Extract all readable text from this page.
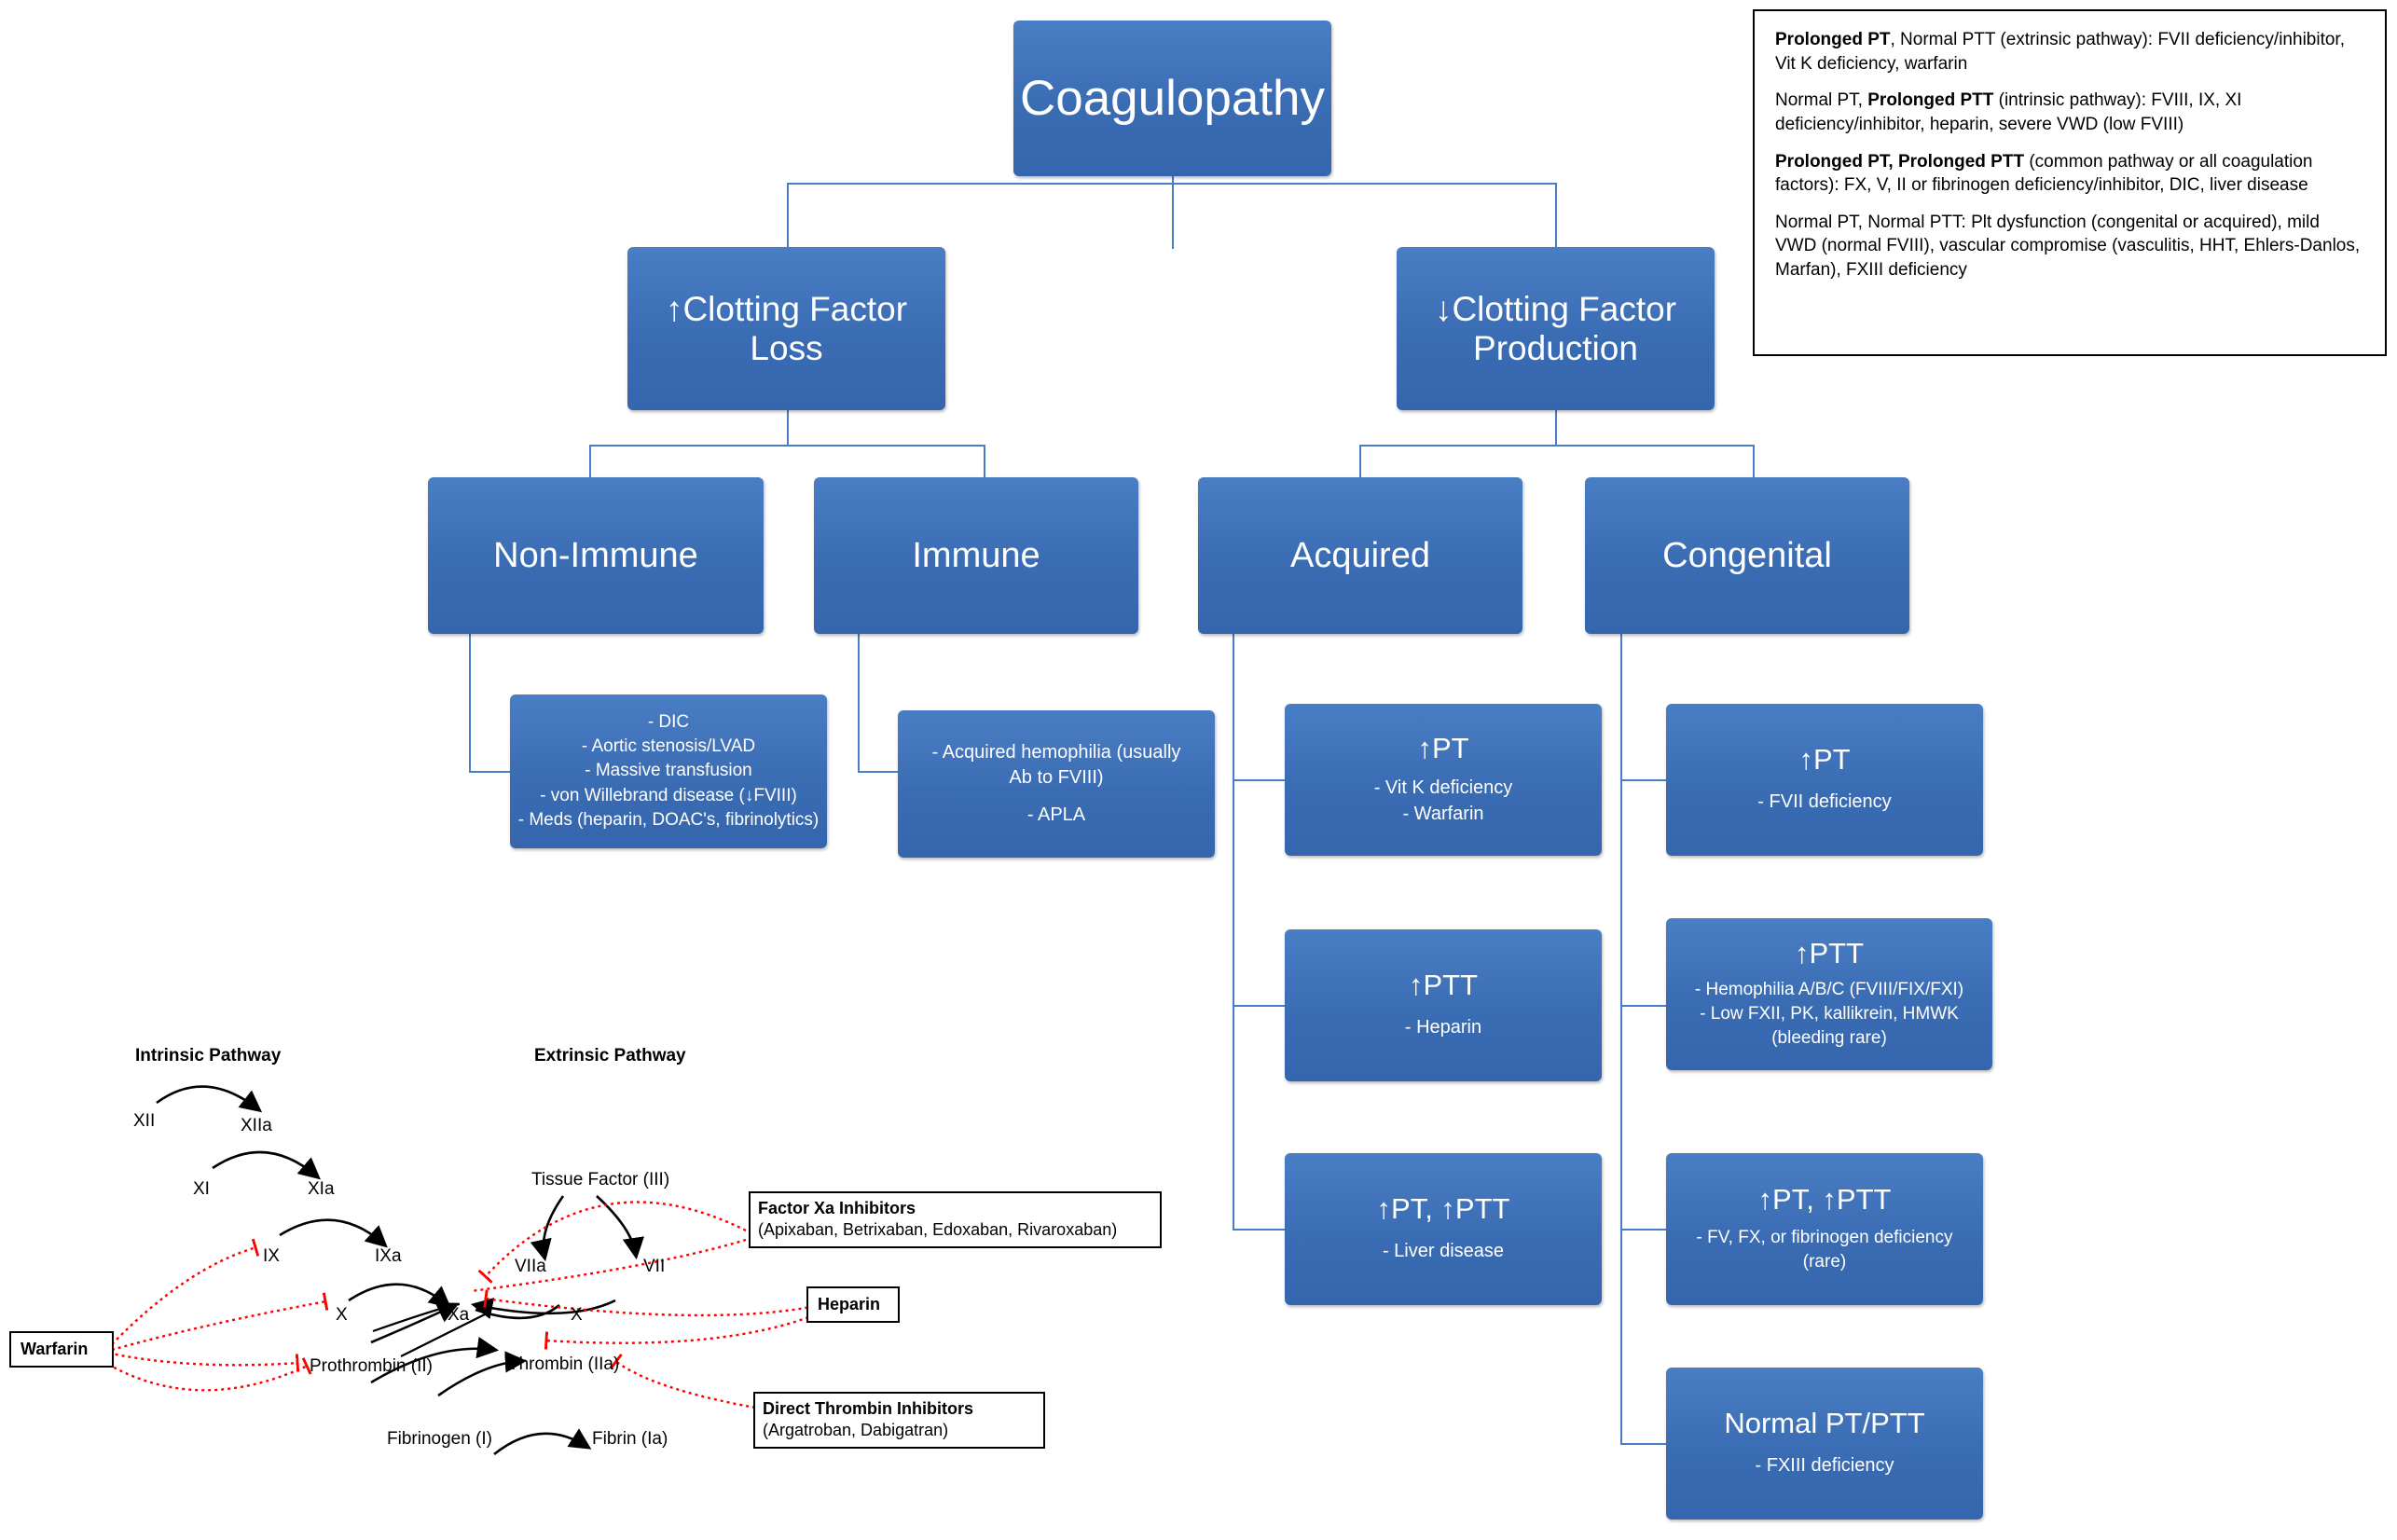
Coagulopathy
↑Clotting Factor Loss
↓Clotting Factor Production
Non-Immune	Immune	Acquired	Congenital
- DIC
- Aortic stenosis/LVAD
- Massive transfusion
- von Willebrand disease (↓FVIII)
- Meds (heparin, DOAC's, fibrinolytics)
- Acquired hemophilia (usually
Ab to FVIII)
- APLA
↑PT
- Vit K deficiency
- Warfarin
↑PTT
- Heparin
↑PT, ↑PTT
- Liver disease
↑PT
- FVII deficiency
↑PTT
- Hemophilia A/B/C (FVIII/FIX/FXI)
- Low FXII, PK, kallikrein, HMWK
(bleeding rare)
↑PT, ↑PTT
- FV, FX, or fibrinogen deficiency
(rare)
Normal PT/PTT
- FXIII deficiency

Prolonged PT, Normal PTT (extrinsic pathway): FVII deficiency/inhibitor, Vit K deficiency, warfarin

Normal PT, Prolonged PTT (intrinsic pathway): FVIII, IX, XI deficiency/inhibitor, heparin, severe VWD (low FVIII)

Prolonged PT, Prolonged PTT (common pathway or all coagulation factors): FX, V, II or fibrinogen deficiency/inhibitor, DIC, liver disease

Normal PT, Normal PTT: Plt dysfunction (congenital or acquired), mild VWD (normal FVIII), vascular compromise (vasculitis, HHT, Ehlers-Danlos, Marfan), FXIII deficiency

Intrinsic Pathway	Extrinsic Pathway
XII	XIIa
XI	XIa
IX	IXa
X	Xa	X
Tissue Factor (III)
VIIa	VII
Prothrombin (II)	Thrombin (IIa)
Fibrinogen (I)	Fibrin (Ia)
Factor Xa Inhibitors
(Apixaban, Betrixaban, Edoxaban, Rivaroxaban)
Heparin
Warfarin
Direct Thrombin Inhibitors
(Argatroban, Dabigatran)
